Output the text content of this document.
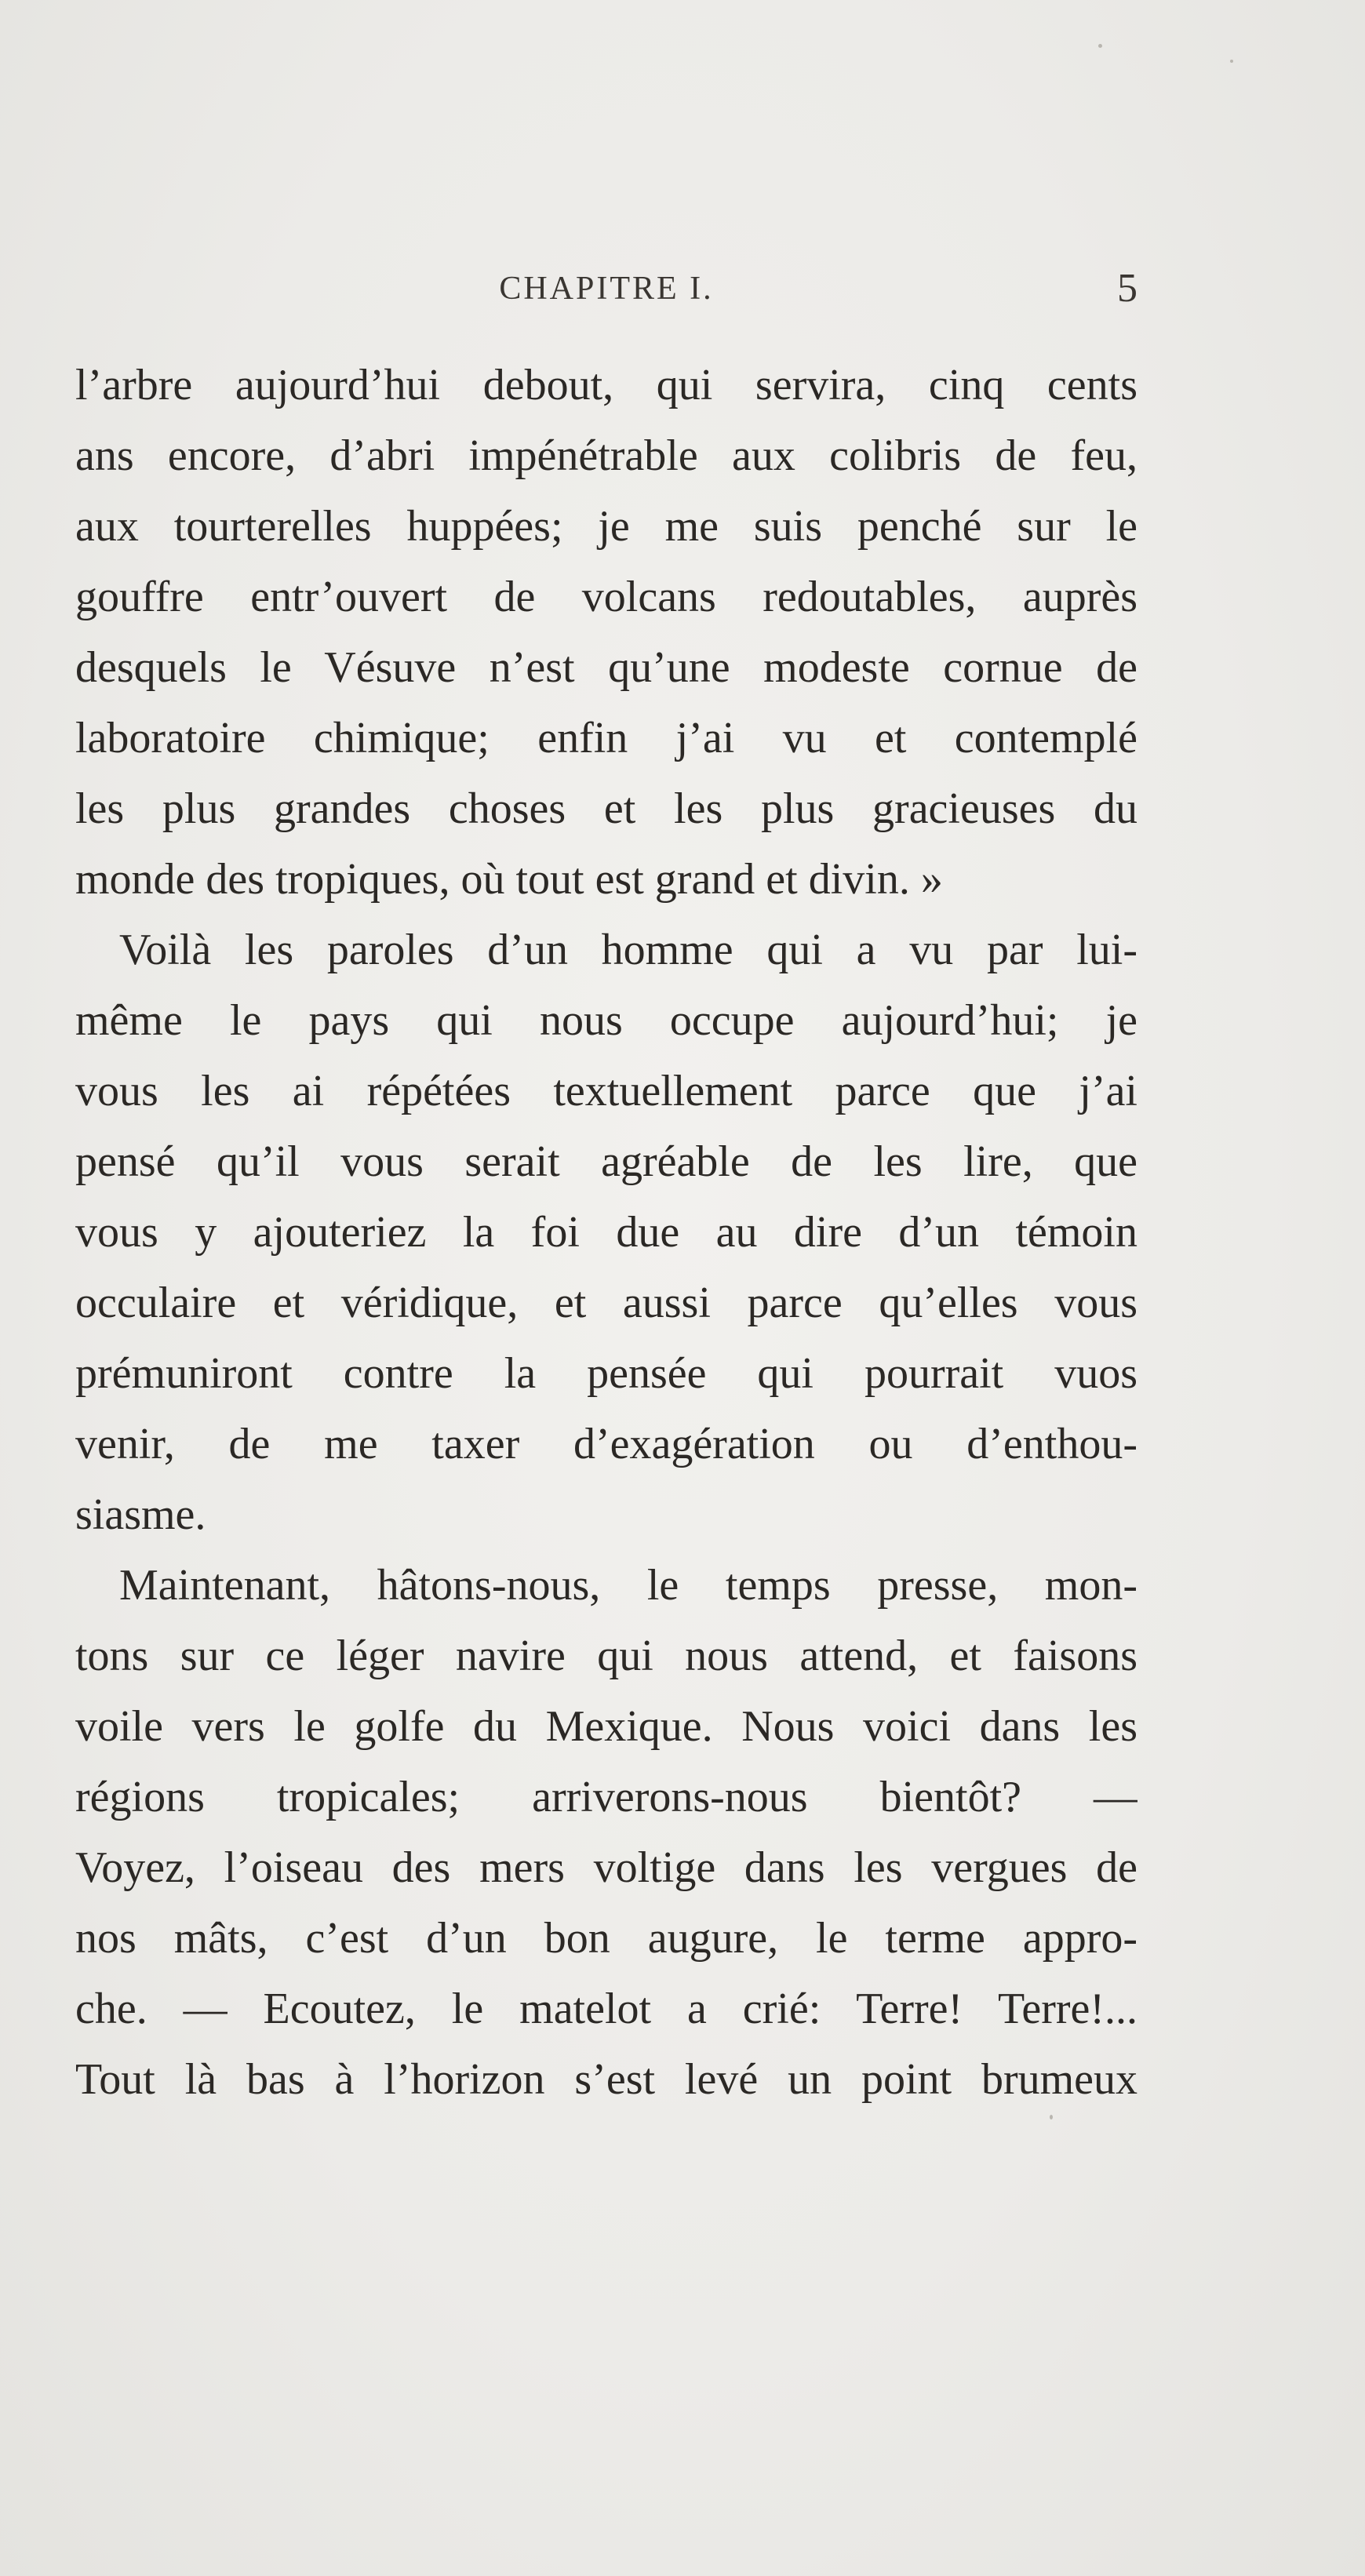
CHAPITRE I.	5
l’arbre aujourd’hui debout, qui servira, cinq cents
ans encore, d’abri impénétrable aux colibris de feu,
aux tourterelles huppées; je me suis penché sur le
gouffre entr’ouvert de volcans redoutables, auprès
desquels le Vésuve n’est qu’une modeste cornue de
laboratoire chimique; enfin j’ai vu et contemplé
les plus grandes choses et les plus gracieuses du
monde des tropiques, où tout est grand et divin. »
Voilà les paroles d’un homme qui a vu par lui-
même le pays qui nous occupe aujourd’hui; je
vous les ai répétées textuellement parce que j’ai
pensé qu’il vous serait agréable de les lire, que
vous y ajouteriez la foi due au dire d’un témoin
occulaire et véridique, et aussi parce qu’elles vous
prémuniront contre la pensée qui pourrait vuos
venir, de me taxer d’exagération ou d’enthou-
siasme.
Maintenant, hâtons-nous, le temps presse, mon-
tons sur ce léger navire qui nous attend, et faisons
voile vers le golfe du Mexique. Nous voici dans les
régions tropicales; arriverons-nous bientôt? —
Voyez, l’oiseau des mers voltige dans les vergues de
nos mâts, c’est d’un bon augure, le terme appro-
che. — Ecoutez, le matelot a crié: Terre! Terre!...
Tout là bas à l’horizon s’est levé un point brumeux
